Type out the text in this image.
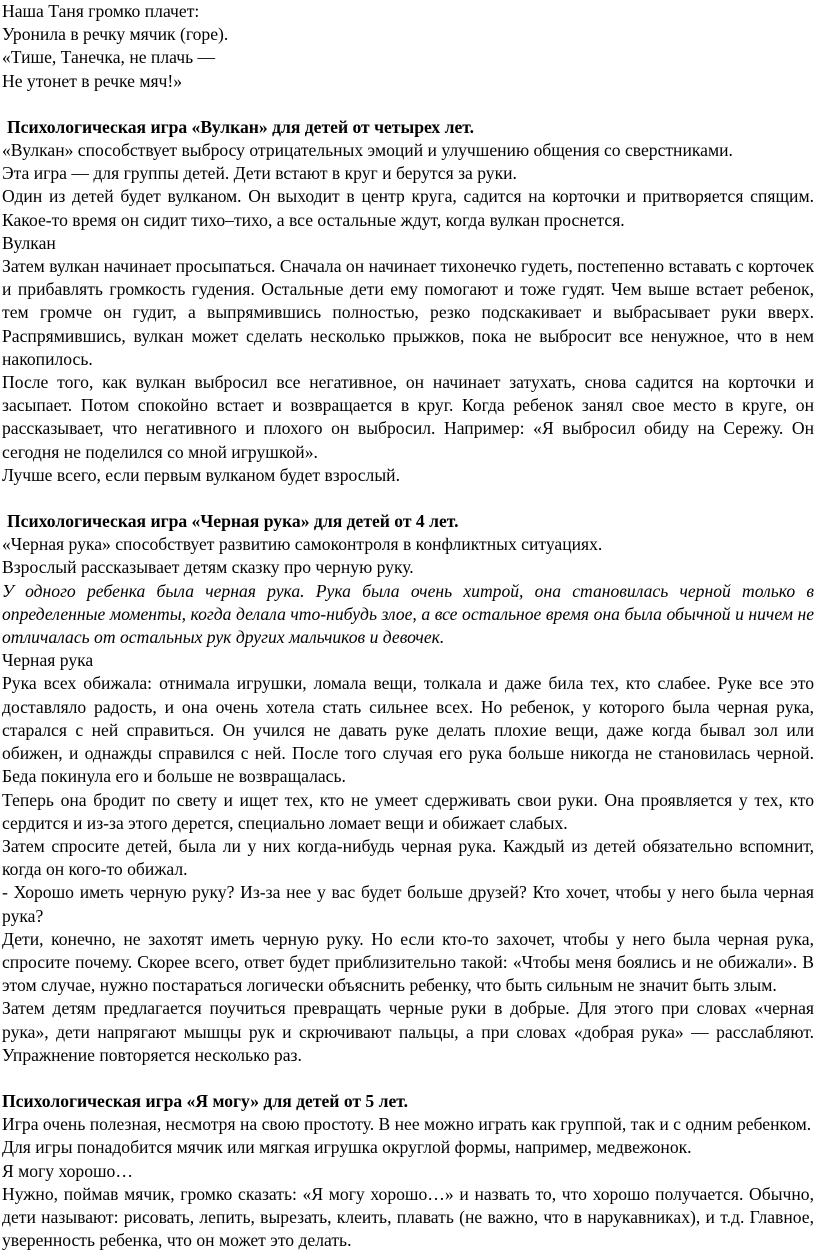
Наша Таня громко плачет:

Уронила в речку мячик (горе).

«Тише, Танечка, не плачь —

Не утонет в речке мяч!»

Психологическая игра «Вулкан» для детей от четырех лет.

«Вулкан» способствует выбросу отрицательных эмоций и улучшению общения со сверстниками.

Эта игра — для группы детей. Дети встают в круг и берутся за руки.

Один из детей будет вулканом. Он выходит в центр круга, садится на корточки и притворяется спящим. Какое-то время он сидит тихо–тихо, а все остальные ждут, когда вулкан проснется.

Вулкан

Затем вулкан начинает просыпаться. Сначала он начинает тихонечко гудеть, постепенно вставать с корточек и прибавлять громкость гудения. Остальные дети ему помогают и тоже гудят. Чем выше встает ребенок, тем громче он гудит, а выпрямившись полностью, резко подскакивает и выбрасывает руки вверх. Распрямившись, вулкан может сделать несколько прыжков, пока не выбросит все ненужное, что в нем накопилось.

После того, как вулкан выбросил все негативное, он начинает затухать, снова садится на корточки и засыпает. Потом спокойно встает и возвращается в круг. Когда ребенок занял свое место в круге, он рассказывает, что негативного и плохого он выбросил. Например: «Я выбросил обиду на Сережу. Он сегодня не поделился со мной игрушкой».

Лучше всего, если первым вулканом будет взрослый.

Психологическая игра «Черная рука» для детей от 4 лет.

«Черная рука» способствует развитию самоконтроля в конфликтных ситуациях.

Взрослый рассказывает детям сказку про черную руку.

У одного ребенка была черная рука. Рука была очень хитрой, она становилась черной только в определенные моменты, когда делала что-нибудь злое, а все остальное время она была обычной и ничем не отличалась от остальных рук других мальчиков и девочек.

Черная рука

Рука всех обижала: отнимала игрушки, ломала вещи, толкала и даже била тех, кто слабее. Руке все это доставляло радость, и она очень хотела стать сильнее всех. Но ребенок, у которого была черная рука, старался с ней справиться. Он учился не давать руке делать плохие вещи, даже когда бывал зол или обижен, и однажды справился с ней. После того случая его рука больше никогда не становилась черной. Беда покинула его и больше не возвращалась.

Теперь она бродит по свету и ищет тех, кто не умеет сдерживать свои руки. Она проявляется у тех, кто сердится и из-за этого дерется, специально ломает вещи и обижает слабых.

Затем спросите детей, была ли у них когда-нибудь черная рука. Каждый из детей обязательно вспомнит, когда он кого-то обижал.

- Хорошо иметь черную руку? Из-за нее у вас будет больше друзей? Кто хочет, чтобы у него была черная рука?

Дети, конечно, не захотят иметь черную руку. Но если кто-то захочет, чтобы у него была черная рука, спросите почему. Скорее всего, ответ будет приблизительно такой: «Чтобы меня боялись и не обижали». В этом случае, нужно постараться логически объяснить ребенку, что быть сильным не значит быть злым.

Затем детям предлагается поучиться превращать черные руки в добрые. Для этого при словах «черная рука», дети напрягают мышцы рук и скрючивают пальцы, а при словах «добрая рука» — расслабляют. Упражнение повторяется несколько раз.

Психологическая игра «Я могу» для детей от 5 лет.

Игра очень полезная, несмотря на свою простоту. В нее можно играть как группой, так и с одним ребенком.

Для игры понадобится мячик или мягкая игрушка округлой формы, например, медвежонок.

Я могу хорошо…

Нужно, поймав мячик, громко сказать: «Я могу хорошо…» и назвать то, что хорошо получается. Обычно, дети называют: рисовать, лепить, вырезать, клеить, плавать (не важно, что в нарукавниках), и т.д. Главное, уверенность ребенка, что он может это делать.
